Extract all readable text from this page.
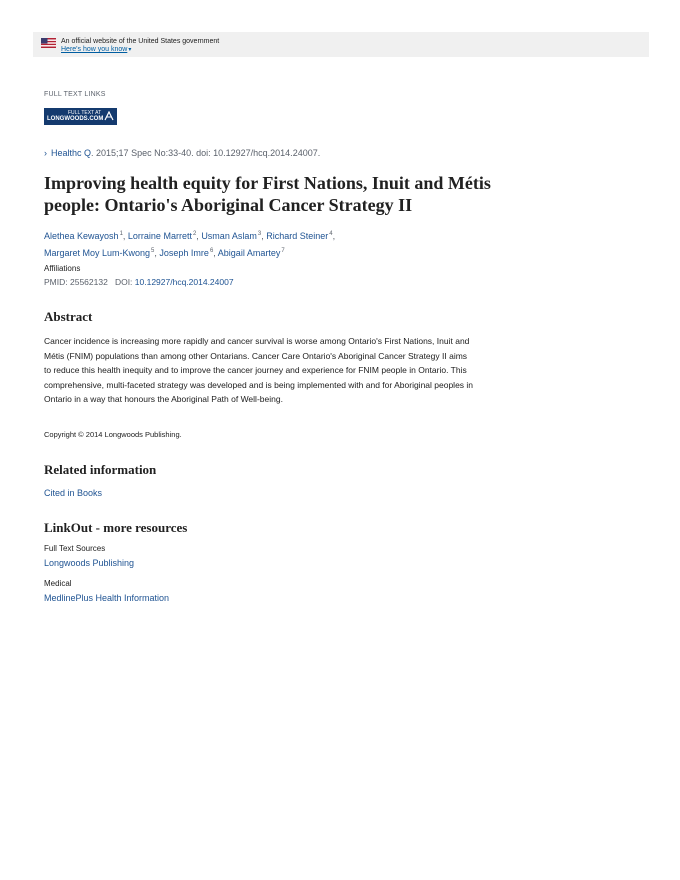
An official website of the United States government
Here's how you know▾
FULL TEXT LINKS
FULL TEXT AT
LONGWOODS.COM
› Healthc Q. 2015;17 Spec No:33-40. doi: 10.12927/hcq.2014.24007.
Improving health equity for First Nations, Inuit and Métis people: Ontario's Aboriginal Cancer Strategy II
Alethea Kewayosh$^1$, Lorraine Marrett$^2$, Usman Aslam$^3$, Richard Steiner$^4$,
Margaret Moy Lum-Kwong$^5$, Joseph Imre$^6$, Abigail Amartey$^7$
Affiliations
PMID: 25562132 DOI: 10.12927/hcq.2014.24007
Abstract

Cancer incidence is increasing more rapidly and cancer survival is worse among Ontario's First Nations, Inuit and Métis (FNIM) populations than among other Ontarians. Cancer Care Ontario's Aboriginal Cancer Strategy II aims to reduce this health inequity and to improve the cancer journey and experience for FNIM people in Ontario. This comprehensive, multi-faceted strategy was developed and is being implemented with and for Aboriginal peoples in Ontario in a way that honours the Aboriginal Path of Well-being.

Copyright © 2014 Longwoods Publishing.
Related information
Cited in Books
LinkOut - more resources
Full Text Sources
Longwoods Publishing
Medical
MedlinePlus Health Information
